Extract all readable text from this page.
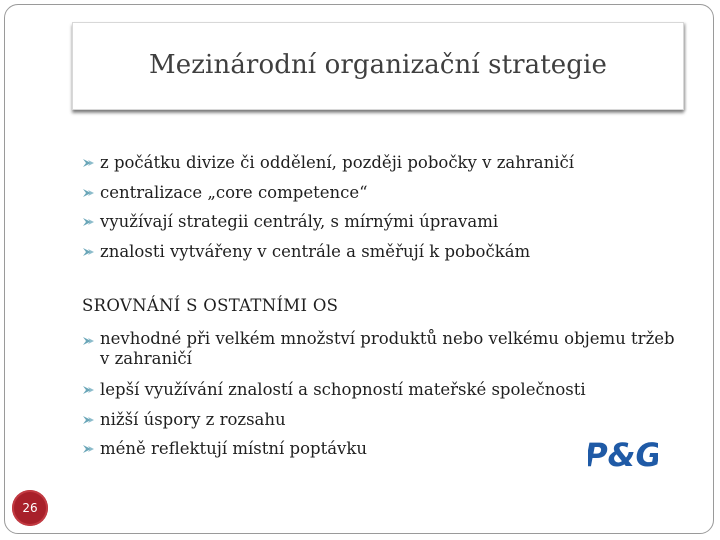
Mezinárodní organizační strategie
z počátku divize či oddělení, později pobočky v zahraničí
centralizace „core competence“
využívají strategii centrály, s mírnými úpravami
znalosti vytvářeny v centrále a směřují k pobočkám
SROVNÁNÍ S OSTATNÍMI OS
nevhodné při velkém množství produktů nebo velkému objemu tržeb v zahraničí
lepší využívání znalostí a schopností mateřské společnosti
nižší úspory z rozsahu
méně reflektují místní poptávku	P&G
26
